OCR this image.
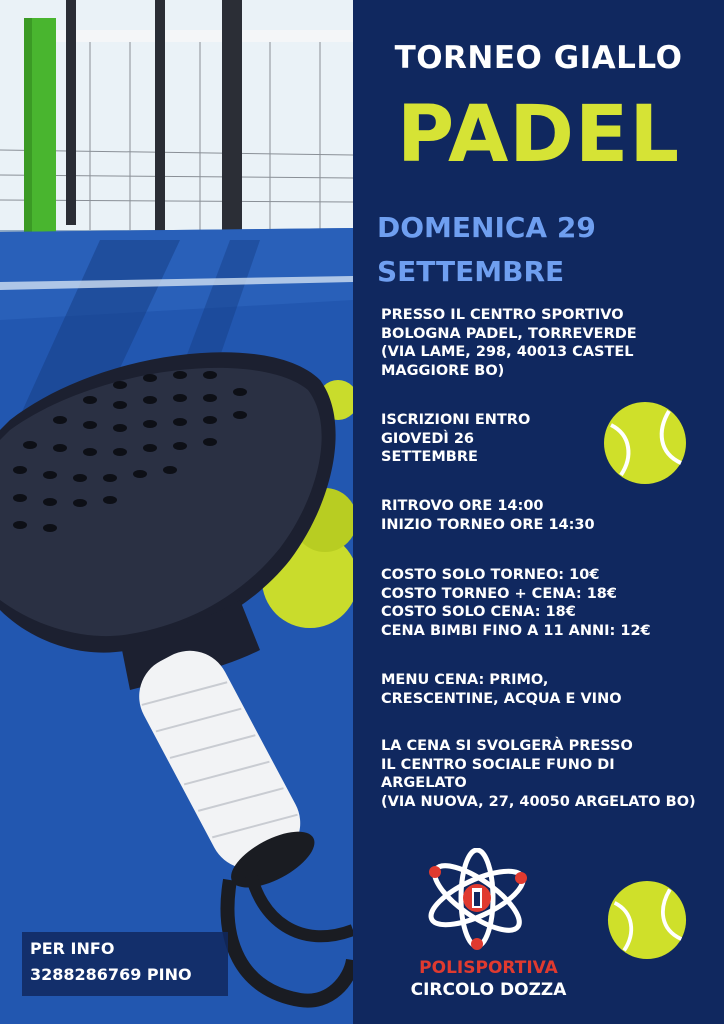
PER INFO
3288286769 PINO
TORNEO GIALLO
PADEL
DOMENICA 29
SETTEMBRE
PRESSO IL CENTRO SPORTIVO
BOLOGNA PADEL, TORREVERDE
(VIA LAME, 298, 40013 CASTEL
MAGGIORE BO)
ISCRIZIONI ENTRO
GIOVEDÌ 26
SETTEMBRE
RITROVO ORE 14:00
INIZIO TORNEO ORE 14:30
COSTO SOLO TORNEO: 10€
COSTO TORNEO + CENA: 18€
COSTO SOLO CENA: 18€
CENA BIMBI FINO A 11 ANNI: 12€
MENU CENA: PRIMO,
CRESCENTINE, ACQUA E VINO
LA CENA SI SVOLGERÀ PRESSO
IL CENTRO SOCIALE FUNO DI
ARGELATO
(VIA NUOVA, 27, 40050 ARGELATO BO)
POLISPORTIVA
CIRCOLO DOZZA
